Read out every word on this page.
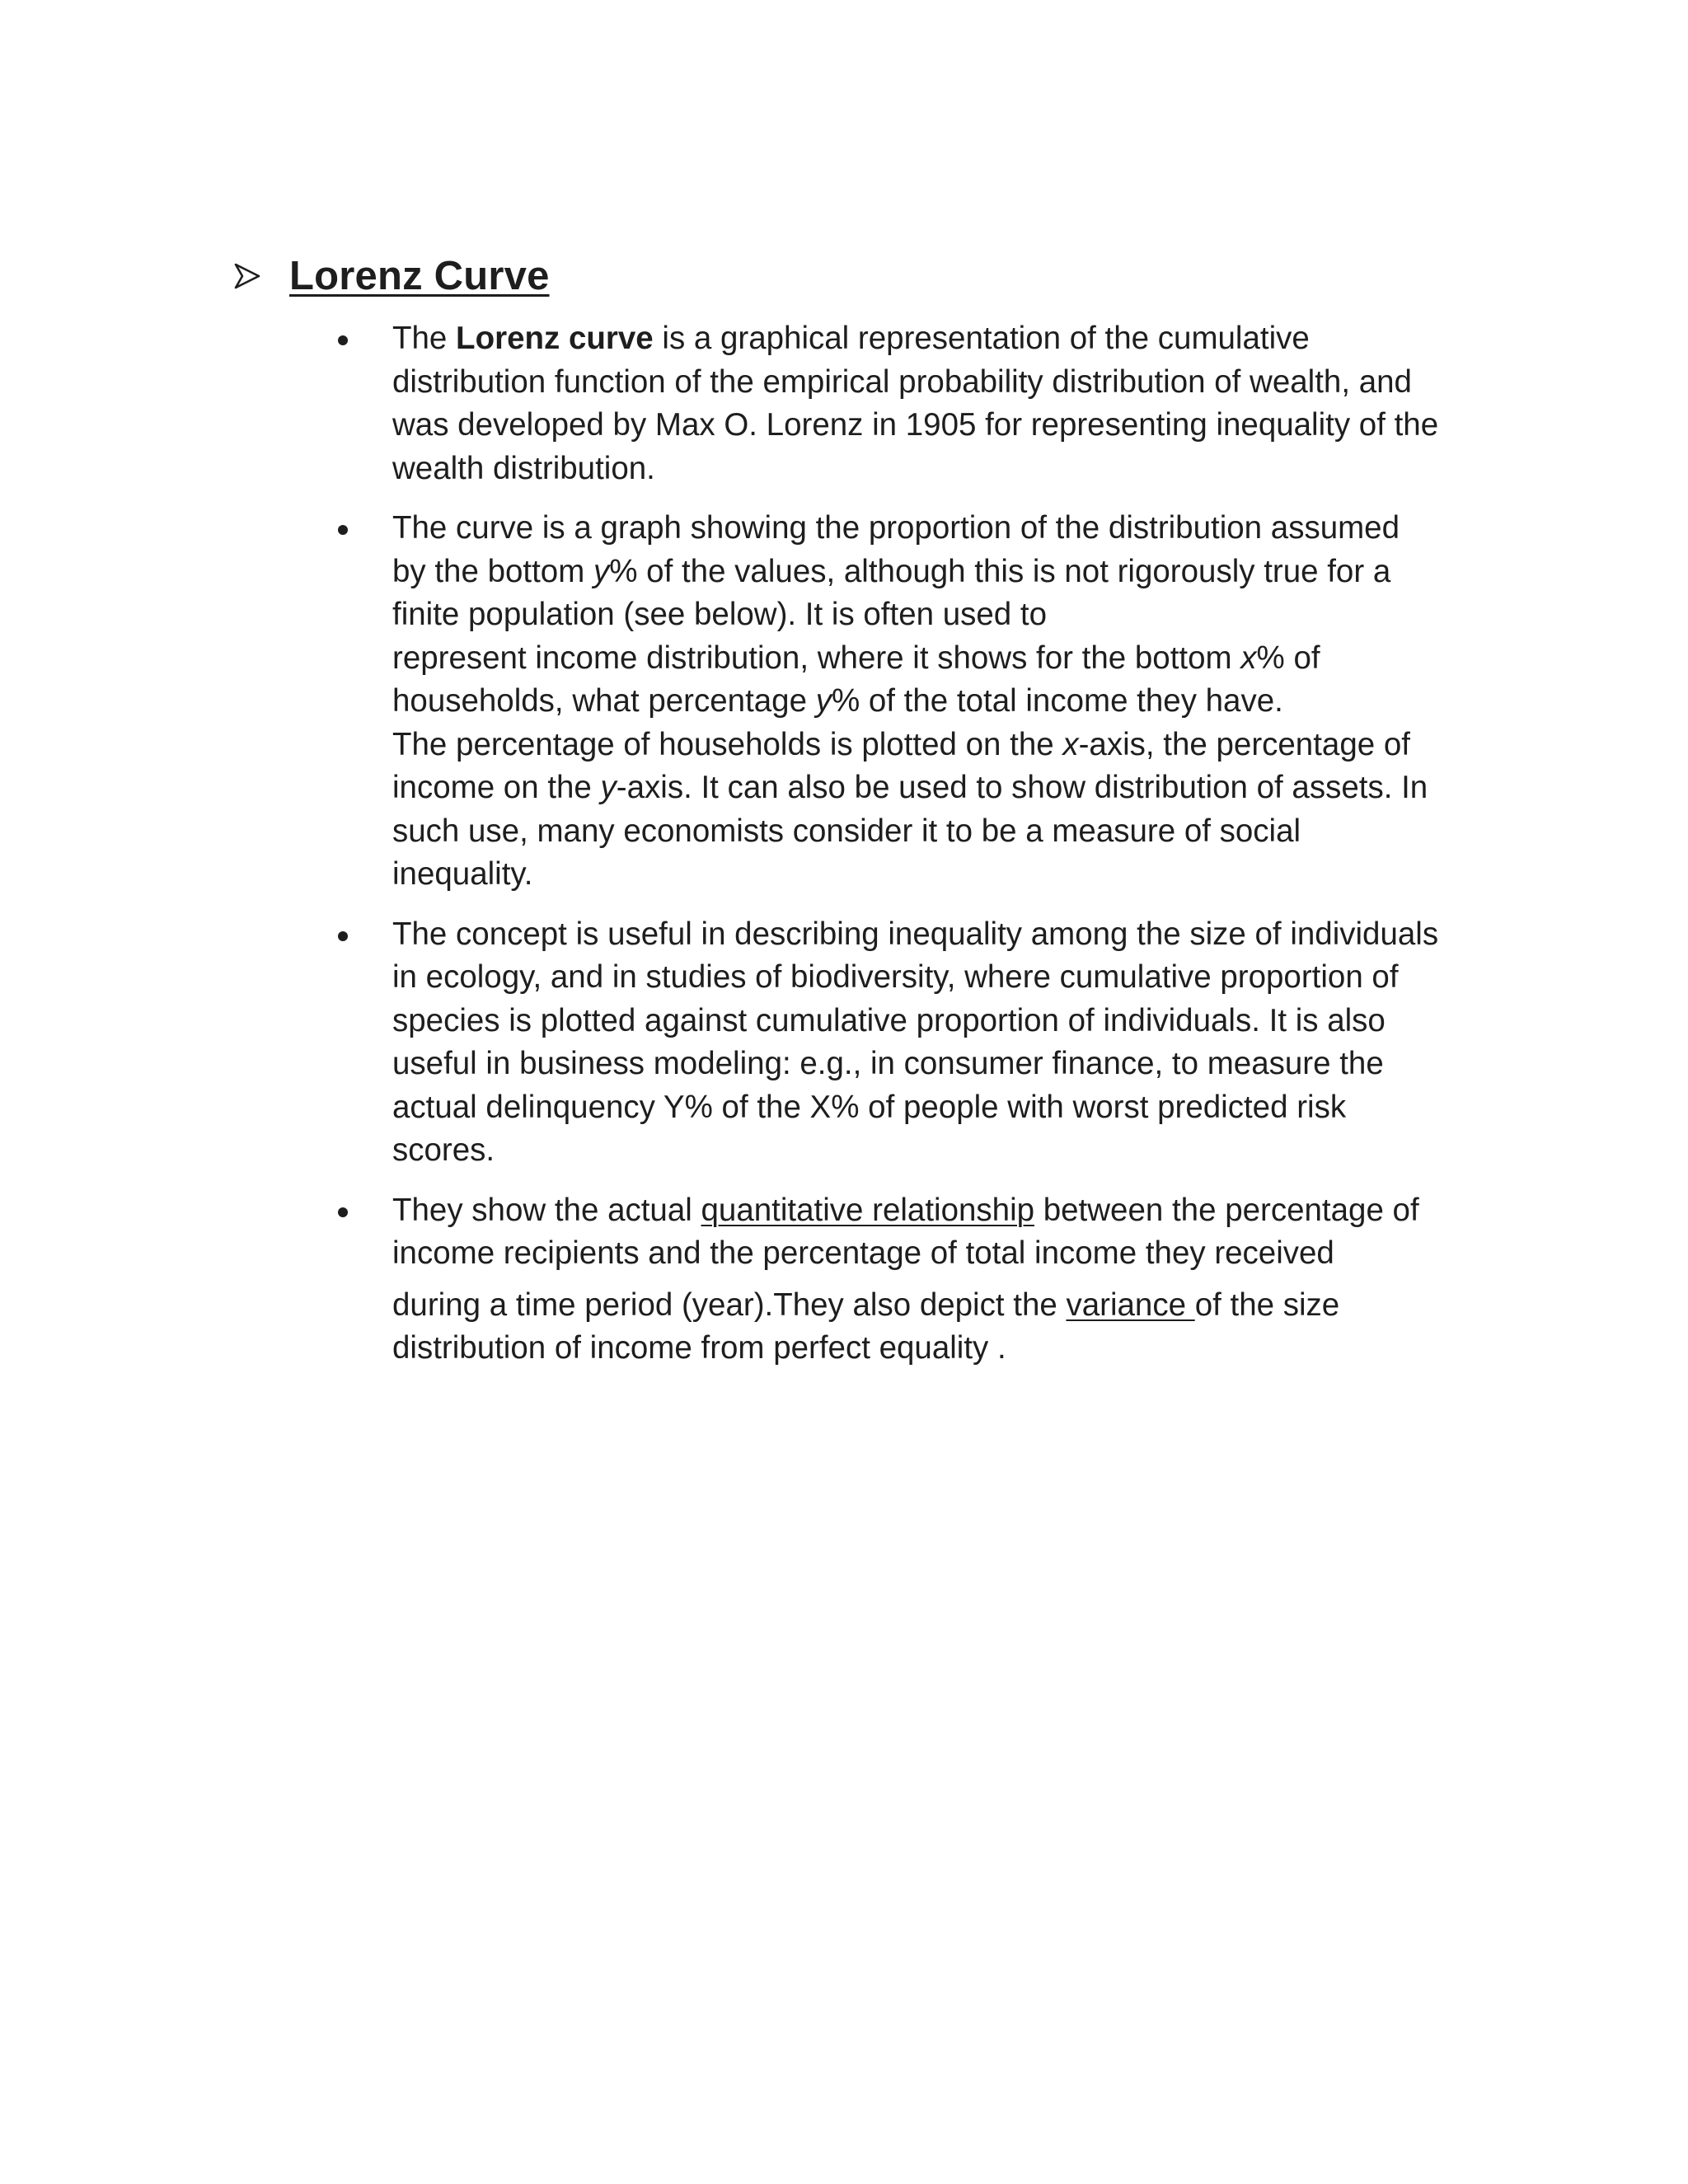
Lorenz Curve
The Lorenz curve is a graphical representation of the cumulative
distribution function of the empirical probability distribution of wealth, and
was developed by Max O. Lorenz in 1905 for representing inequality of the
wealth distribution.
The curve is a graph showing the proportion of the distribution assumed
by the bottom y% of the values, although this is not rigorously true for a
finite population (see below). It is often used to
represent income distribution, where it shows for the bottom x% of
households, what percentage y% of the total income they have.
The percentage of households is plotted on the x-axis, the percentage of
income on the y-axis. It can also be used to show distribution of assets. In
such use, many economists consider it to be a measure of social
inequality.
The concept is useful in describing inequality among the size of individuals
in ecology, and in studies of biodiversity, where cumulative proportion of
species is plotted against cumulative proportion of individuals. It is also
useful in business modeling: e.g., in consumer finance, to measure the
actual delinquency Y% of the X% of people with worst predicted risk
scores.
They show the actual quantitative relationship between the percentage of
income recipients and the percentage of total income they received
during a time period (year).They also depict the variance of the size
distribution of income from perfect equality .
